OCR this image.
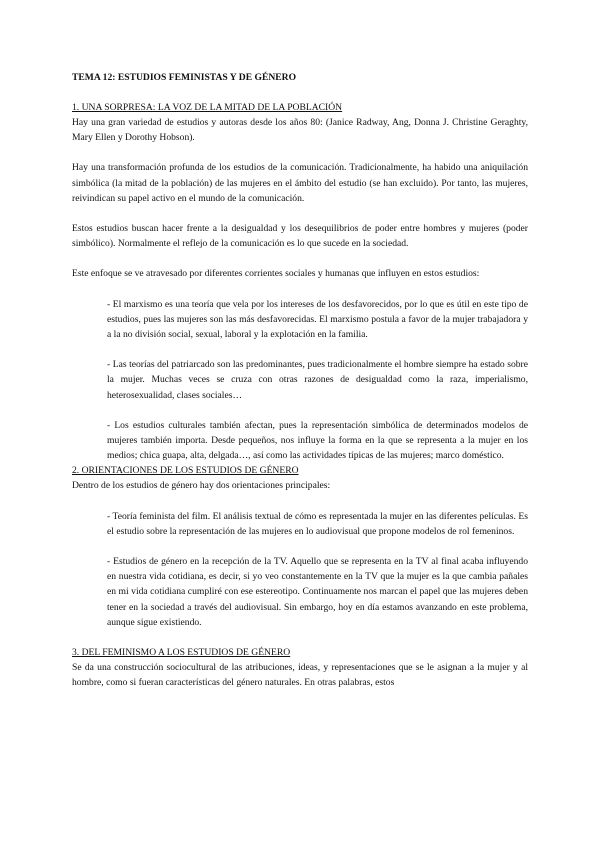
TEMA 12: ESTUDIOS FEMINISTAS Y DE GÉNERO
1. UNA SORPRESA: LA VOZ DE LA MITAD DE LA POBLACIÓN

Hay una gran variedad de estudios y autoras desde los años 80: (Janice Radway, Ang, Donna J. Christine Geraghty, Mary Ellen y Dorothy Hobson).

Hay una transformación profunda de los estudios de la comunicación. Tradicionalmente, ha habido una aniquilación simbólica (la mitad de la población) de las mujeres en el ámbito del estudio (se han excluido). Por tanto, las mujeres, reivindican su papel activo en el mundo de la comunicación.

Estos estudios buscan hacer frente a la desigualdad y los desequilibrios de poder entre hombres y mujeres (poder simbólico). Normalmente el reflejo de la comunicación es lo que sucede en la sociedad.

Este enfoque se ve atravesado por diferentes corrientes sociales y humanas que influyen en estos estudios:

- El marxismo es una teoría que vela por los intereses de los desfavorecidos, por lo que es útil en este tipo de estudios, pues las mujeres son las más desfavorecidas. El marxismo postula a favor de la mujer trabajadora y a la no división social, sexual, laboral y la explotación en la familia.

- Las teorías del patriarcado son las predominantes, pues tradicionalmente el hombre siempre ha estado sobre la mujer. Muchas veces se cruza con otras razones de desigualdad como la raza, imperialismo, heterosexualidad, clases sociales…

- Los estudios culturales también afectan, pues la representación simbólica de determinados modelos de mujeres también importa. Desde pequeños, nos influye la forma en la que se representa a la mujer en los medios; chica guapa, alta, delgada…, así como las actividades típicas de las mujeres; marco doméstico.

2. ORIENTACIONES DE LOS ESTUDIOS DE GÉNERO

Dentro de los estudios de género hay dos orientaciones principales:

- Teoría feminista del film. El análisis textual de cómo es representada la mujer en las diferentes películas. Es el estudio sobre la representación de las mujeres en lo audiovisual que propone modelos de rol femeninos.

- Estudios de género en la recepción de la TV. Aquello que se representa en la TV al final acaba influyendo en nuestra vida cotidiana, es decir, si yo veo constantemente en la TV que la mujer es la que cambia pañales en mi vida cotidiana cumpliré con ese estereotipo. Continuamente nos marcan el papel que las mujeres deben tener en la sociedad a través del audiovisual. Sin embargo, hoy en día estamos avanzando en este problema, aunque sigue existiendo.

3. DEL FEMINISMO A LOS ESTUDIOS DE GÉNERO

Se da una construcción sociocultural de las atribuciones, ideas, y representaciones que se le asignan a la mujer y al hombre, como si fueran características del género naturales. En otras palabras, estos
